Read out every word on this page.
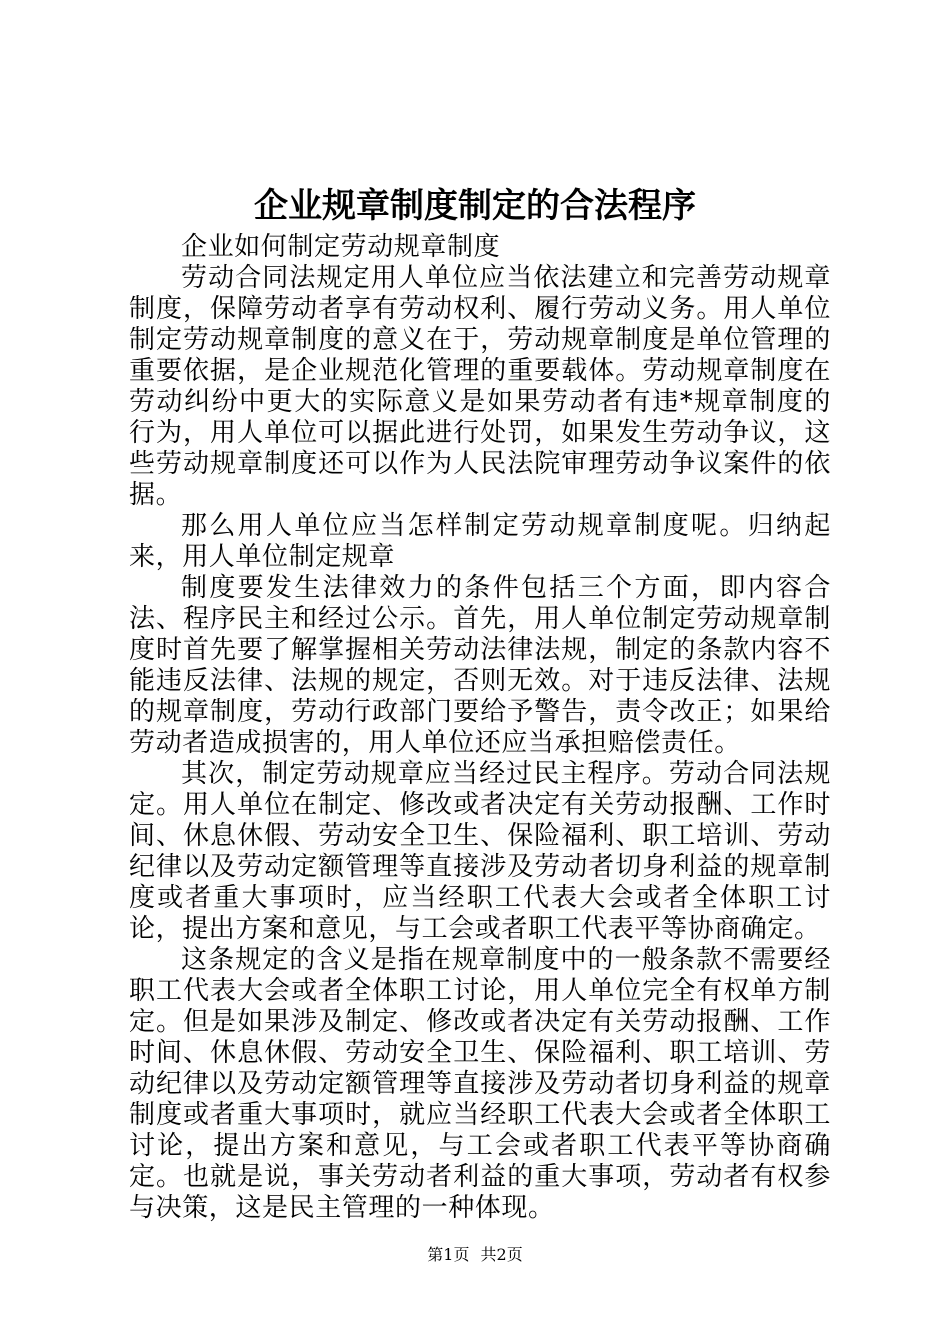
企业规章制度制定的合法程序

企业如何制定劳动规章制度

劳动合同法规定用人单位应当依法建立和完善劳动规章制度，保障劳动者享有劳动权利、履行劳动义务。用人单位制定劳动规章制度的意义在于，劳动规章制度是单位管理的重要依据，是企业规范化管理的重要载体。劳动规章制度在劳动纠纷中更大的实际意义是如果劳动者有违*规章制度的行为，用人单位可以据此进行处罚，如果发生劳动争议，这些劳动规章制度还可以作为人民法院审理劳动争议案件的依据。

那么用人单位应当怎样制定劳动规章制度呢。归纳起来，用人单位制定规章

制度要发生法律效力的条件包括三个方面，即内容合法、程序民主和经过公示。首先，用人单位制定劳动规章制度时首先要了解掌握相关劳动法律法规，制定的条款内容不能违反法律、法规的规定，否则无效。对于违反法律、法规的规章制度，劳动行政部门要给予警告，责令改正；如果给劳动者造成损害的，用人单位还应当承担赔偿责任。

其次，制定劳动规章应当经过民主程序。劳动合同法规定。用人单位在制定、修改或者决定有关劳动报酬、工作时间、休息休假、劳动安全卫生、保险福利、职工培训、劳动纪律以及劳动定额管理等直接涉及劳动者切身利益的规章制度或者重大事项时，应当经职工代表大会或者全体职工讨论，提出方案和意见，与工会或者职工代表平等协商确定。

这条规定的含义是指在规章制度中的一般条款不需要经职工代表大会或者全体职工讨论，用人单位完全有权单方制定。但是如果涉及制定、修改或者决定有关劳动报酬、工作时间、休息休假、劳动安全卫生、保险福利、职工培训、劳动纪律以及劳动定额管理等直接涉及劳动者切身利益的规章制度或者重大事项时，就应当经职工代表大会或者全体职工讨论，提出方案和意见，与工会或者职工代表平等协商确定。也就是说，事关劳动者利益的重大事项，劳动者有权参与决策，这是民主管理的一种体现。

第1页 共2页
